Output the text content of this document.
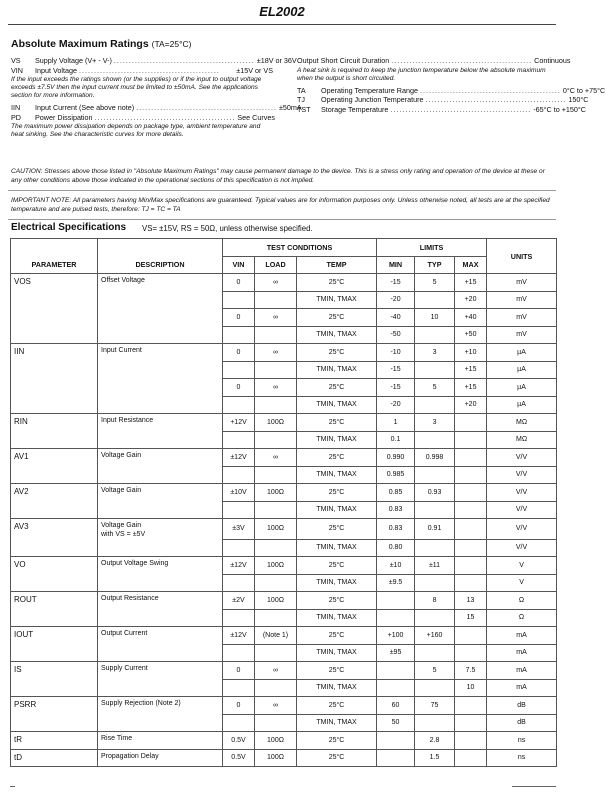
EL2002
Absolute Maximum Ratings (TA=25°C)
VS Supply Voltage (V+ - V-) ............................................... ±18V or 36V
VIN Input Voltage ...............................................	±15V or VS
If the input exceeds the ratings shown (or the supplies) or if the input to output voltage exceeds ±7.5V then the input current must be limited to ±50mA. See the applications section for more information.
IIN Input Current (See above note) ............................................... ±50mA
PD Power Dissipation ............................................... See Curves
The maximum power dissipation depends on package type, ambient temperature and heat sinking. See the characteristic curves for more details.
Output Short Circuit Duration ............................................... Continuous
A heat sink is required to keep the junction temperature below the absolute maximum when the output is short circuited.
TA Operating Temperature Range ............................................... 0°C to +75°C
TJ Operating Junction Temperature ............................................... 150°C
TST Storage Temperature ............................................... -65°C to +150°C
CAUTION: Stresses above those listed in "Absolute Maximum Ratings" may cause permanent damage to the device. This is a stress only rating and operation of the device at these or any other conditions above those indicated in the operational sections of this specification is not implied.
IMPORTANT NOTE: All parameters having Min/Max specifications are guaranteed. Typical values are for information purposes only. Unless otherwise noted, all tests are at the specified temperature and are pulsed tests, therefore: TJ = TC = TA
Electrical Specifications VS= ±15V, RS = 50Ω, unless otherwise specified.
		TEST CONDITIONS			LIMITS			UNITS
PARAMETER	DESCRIPTION	VIN	LOAD	TEMP	MIN	TYP	MAX	
VOS	Offset Voltage	0	∞	25°C	-15	5	+15	mV
				TMIN, TMAX	-20		+20	mV
		0	∞	25°C	-40	10	+40	mV
				TMIN, TMAX	-50		+50	mV
IIN	Input Current	0	∞	25°C	-10	3	+10	µA
				TMIN, TMAX	-15		+15	µA
		0	∞	25°C	-15	5	+15	µA
				TMIN, TMAX	-20		+20	µA
RIN	Input Resistance	+12V	100Ω	25°C	1	3		MΩ
				TMIN, TMAX	0.1			MΩ
AV1	Voltage Gain	±12V	∞	25°C	0.990	0.998		V/V
				TMIN, TMAX	0.985			V/V
AV2	Voltage Gain	±10V	100Ω	25°C	0.85	0.93		V/V
				TMIN, TMAX	0.83			V/V
AV3	Voltage Gain
with VS = ±5V	±3V	100Ω	25°C	0.83	0.91		V/V
				TMIN, TMAX	0.80			V/V
VO	Output Voltage Swing	±12V	100Ω	25°C	±10	±11		V
				TMIN, TMAX	±9.5			V
ROUT	Output Resistance	±2V	100Ω	25°C		8	13	Ω
				TMIN, TMAX			15	Ω
IOUT	Output Current	±12V	(Note 1)	25°C	+100	+160		mA
				TMIN, TMAX	±95			mA
IS	Supply Current	0	∞	25°C		5	7.5	mA
				TMIN, TMAX			10	mA
PSRR	Supply Rejection (Note 2)	0	∞	25°C	60	75		dB
				TMIN, TMAX	50			dB
tR	Rise Time	0.5V	100Ω	25°C		2.8		ns
tD	Propagation Delay	0.5V	100Ω	25°C		1.5		ns
